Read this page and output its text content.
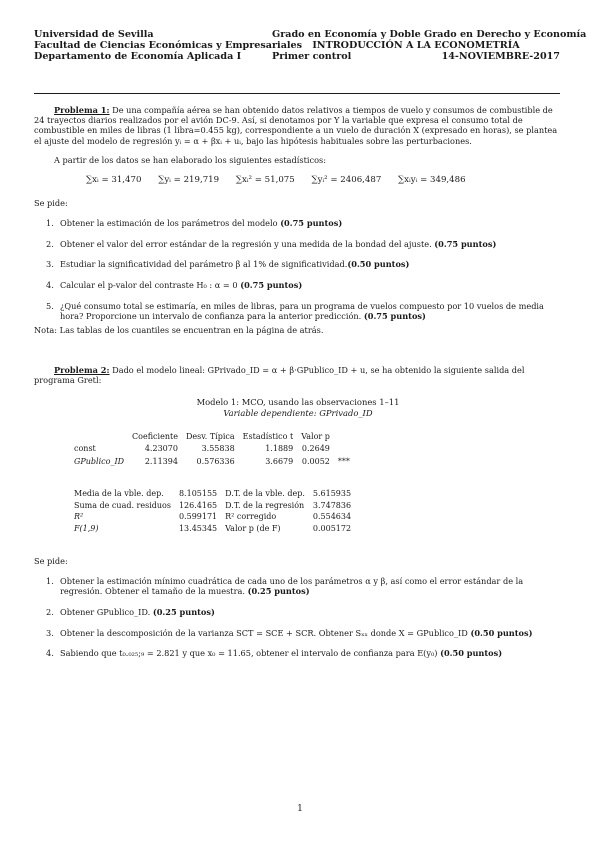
Universidad de Sevilla
Facultad de Ciencias Económicas y Empresariales
Departamento de Economía Aplicada I
Grado en Economía y Doble Grado en Derecho y Economía
INTRODUCCIÓN A LA ECONOMETRÍA
Primer control	14-NOVIEMBRE-2017
Problema 1: De una compañía aérea se han obtenido datos relativos a tiempos de vuelo y consumos de combustible de 24 trayectos diarios realizados por el avión DC-9. Así, si denotamos por Y la variable que expresa el consumo total de combustible en miles de libras (1 libra=0.455 kg), correspondiente a un vuelo de duración X (expresado en horas), se plantea el ajuste del modelo de regresión yᵢ = α + βxᵢ + uᵢ, bajo las hipótesis habituales sobre las perturbaciones.
A partir de los datos se han elaborado los siguientes estadísticos:
∑xᵢ = 31,470 ∑yᵢ = 219,719 ∑xᵢ² = 51,075 ∑yᵢ² = 2406,487 ∑xᵢyᵢ = 349,486
Se pide:
1. Obtener la estimación de los parámetros del modelo (0.75 puntos)
2. Obtener el valor del error estándar de la regresión y una medida de la bondad del ajuste. (0.75 puntos)
3. Estudiar la significatividad del parámetro β al 1% de significatividad.(0.50 puntos)
4. Calcular el p-valor del contraste H₀ : α = 0 (0.75 puntos)
5. ¿Qué consumo total se estimaría, en miles de libras, para un programa de vuelos compuesto por 10 vuelos de media hora? Proporcione un intervalo de confianza para la anterior predicción. (0.75 puntos)
Nota: Las tablas de los cuantiles se encuentran en la página de atrás.
Problema 2: Dado el modelo lineal: GPrivado_ID = α + β·GPublico_ID + u, se ha obtenido la siguiente salida del programa Gretl:
Modelo 1: MCO, usando las observaciones 1–11
Variable dependiente: GPrivado_ID
	Coeficiente	Desv. Típica	Estadístico t	Valor p	
const	4.23070	3.55838	1.1889	0.2649	
GPublico_ID	2.11394	0.576336	3.6679	0.0052	***
Media de la vble. dep.	8.105155	D.T. de la vble. dep.	5.615935
Suma de cuad. residuos	126.4165	D.T. de la regresión	3.747836
R²	0.599171	R² corregido	0.554634
F(1,9)	13.45345	Valor p (de F)	0.005172
Se pide:
1. Obtener la estimación mínimo cuadrática de cada uno de los parámetros α y β, así como el error estándar de la regresión. Obtener el tamaño de la muestra. (0.25 puntos)
2. Obtener GPublico_ID. (0.25 puntos)
3. Obtener la descomposición de la varianza SCT = SCE + SCR. Obtener Sₓₓ donde X = GPublico_ID (0.50 puntos)
4. Sabiendo que t₀.₀₂₅;₉ = 2.821 y que x₀ = 11.65, obtener el intervalo de confianza para E(y₀) (0.50 puntos)
1
